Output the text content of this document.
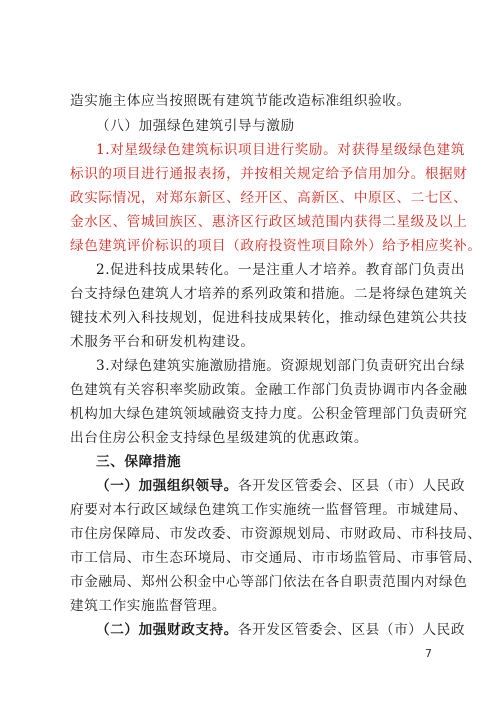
造实施主体应当按照既有建筑节能改造标准组织验收。
（八）加强绿色建筑引导与激励
1.对星级绿色建筑标识项目进行奖励。对获得星级绿色建筑
标识的项目进行通报表扬，并按相关规定给予信用加分。根据财
政实际情况，对郑东新区、经开区、高新区、中原区、二七区、
金水区、管城回族区、惠济区行政区域范围内获得二星级及以上
绿色建筑评价标识的项目（政府投资性项目除外）给予相应奖补。
2.促进科技成果转化。一是注重人才培养。教育部门负责出
台支持绿色建筑人才培养的系列政策和措施。二是将绿色建筑关
键技术列入科技规划，促进科技成果转化，推动绿色建筑公共技
术服务平台和研发机构建设。
3.对绿色建筑实施激励措施。资源规划部门负责研究出台绿
色建筑有关容积率奖励政策。金融工作部门负责协调市内各金融
机构加大绿色建筑领域融资支持力度。公积金管理部门负责研究
出台住房公积金支持绿色星级建筑的优惠政策。
三、保障措施
（一）加强组织领导。各开发区管委会、区县（市）人民政
府要对本行政区域绿色建筑工作实施统一监督管理。市城建局、
市住房保障局、市发改委、市资源规划局、市财政局、市科技局、
市工信局、市生态环境局、市交通局、市市场监管局、市事管局、
市金融局、郑州公积金中心等部门依法在各自职责范围内对绿色
建筑工作实施监督管理。
（二）加强财政支持。各开发区管委会、区县（市）人民政
7
